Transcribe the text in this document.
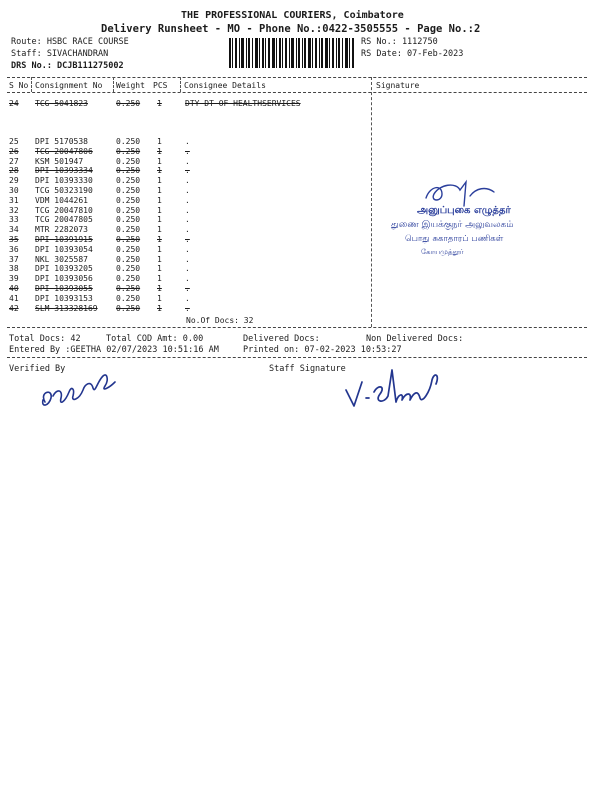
THE PROFESSIONAL COURIERS, Coimbatore
Delivery Runsheet - MO - Phone No.:0422-3505555 - Page No.:2
Route: HSBC RACE COURSE
Staff: SIVACHANDRAN
DRS No.: DCJB111275002
RS No.: 1112750
RS Date: 07-Feb-2023
S No Consignment No Weight PCS Consignee Details	Signature
24 TCG 5041823	0.250 1	DTY DT OF HEALTHSERVICES
25 DPI 5170538	0.250 1	.
26 TCG 20047806	0.250 1	.
27 KSM 501947	0.250 1	.
28 DPI 10393334	0.250 1	.
29 DPI 10393330	0.250 1	.
30 TCG 50323190	0.250 1	.
31 VDM 1044261	0.250 1	.
32 TCG 20047810	0.250 1	.
33 TCG 20047805	0.250 1	.
34 MTR 2282073	0.250 1	.
35 DPI 10391915	0.250 1	.
36 DPI 10393054	0.250 1	.
37 NKL 3025587	0.250 1	.
38 DPI 10393205	0.250 1	.
39 DPI 10393056	0.250 1	.
40 DPI 10393055	0.250 1	.
41 DPI 10393153	0.250 1	.
42 SLM 313328169 0.250 1	.
No.Of Docs: 32
Total Docs: 42	Total COD Amt: 0.00	Delivered Docs:	Non Delivered Docs:
Entered By :GEETHA 02/07/2023 10:51:16 AM	Printed on: 07-02-2023 10:53:27
Verified By	Staff Signature
அனுப்புகை எழுத்தர்
துணை இயக்குநர் அலுவலகம்
பொது சுகாதாரப் பணிகள்
கோயமுத்தூர்
